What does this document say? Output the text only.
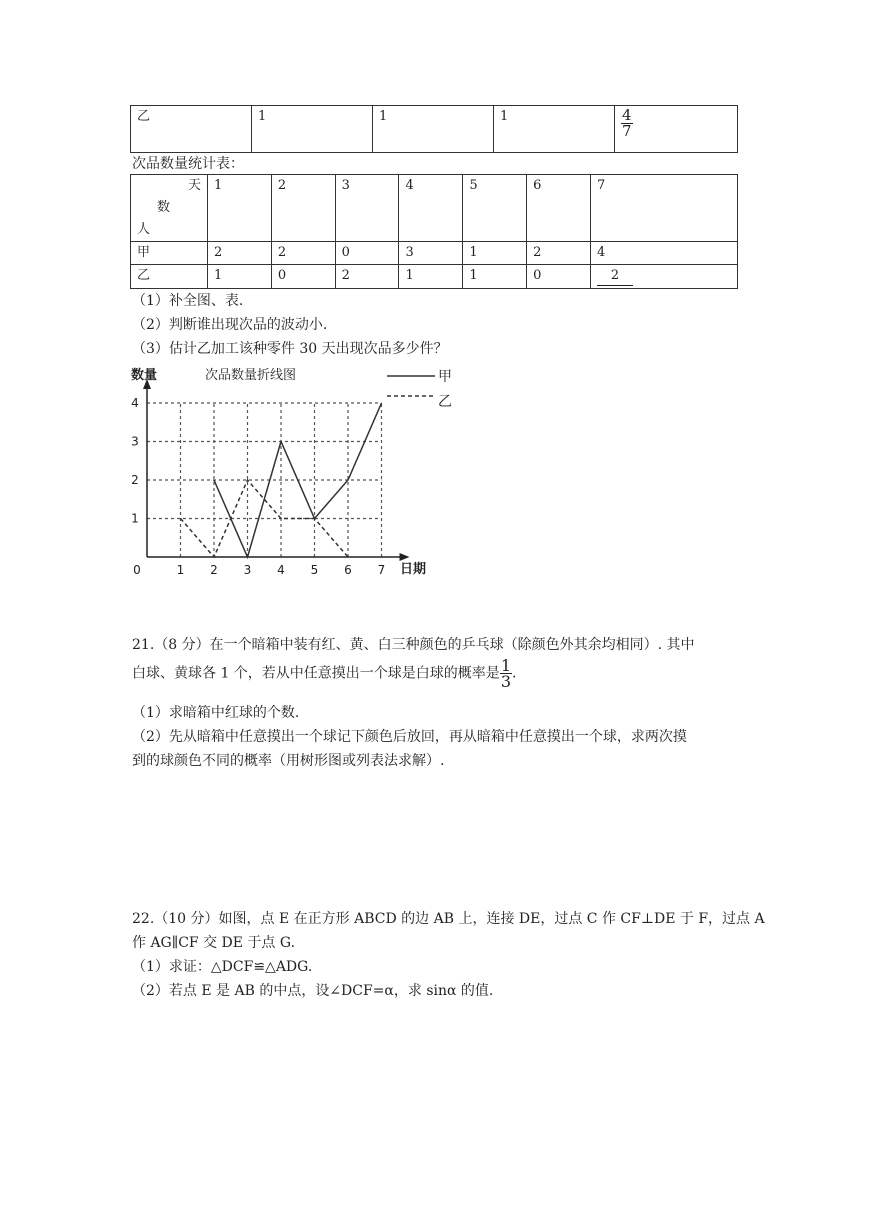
乙	1	1	1	$\frac{4}{7}$
次品数量统计表：
天
数
人	1	2	3	4	5	6	7
甲	2	2	0	3	1	2	4
乙	1	0	2	1	1	0	2
（1）补全图、表.
（2）判断谁出现次品的波动小.
（3）估计乙加工该种零件 30 天出现次品多少件？
0	1 2 3 4 5 6 7
1
2
3
4
次品数量折线图
数量
日期
21.（8 分）在一个暗箱中装有红、黄、白三种颜色的乒乓球（除颜色外其余均相同）. 其中
白球、黄球各 1 个，若从中任意摸出一个球是白球的概率是 $\frac{1}{3}$ .
（1）求暗箱中红球的个数.
（2）先从暗箱中任意摸出一个球记下颜色后放回，再从暗箱中任意摸出一个球，求两次摸
到的球颜色不同的概率（用树形图或列表法求解）.
22.（10 分）如图，点 E 在正方形 ABCD 的边 AB 上，连接 DE，过点 C 作 CF⊥DE 于 F，过点 A
作 AG∥CF 交 DE 于点 G.
（1）求证：△DCF≌△ADG.
（2）若点 E 是 AB 的中点，设∠DCF=α，求 sinα 的值.
甲
乙
